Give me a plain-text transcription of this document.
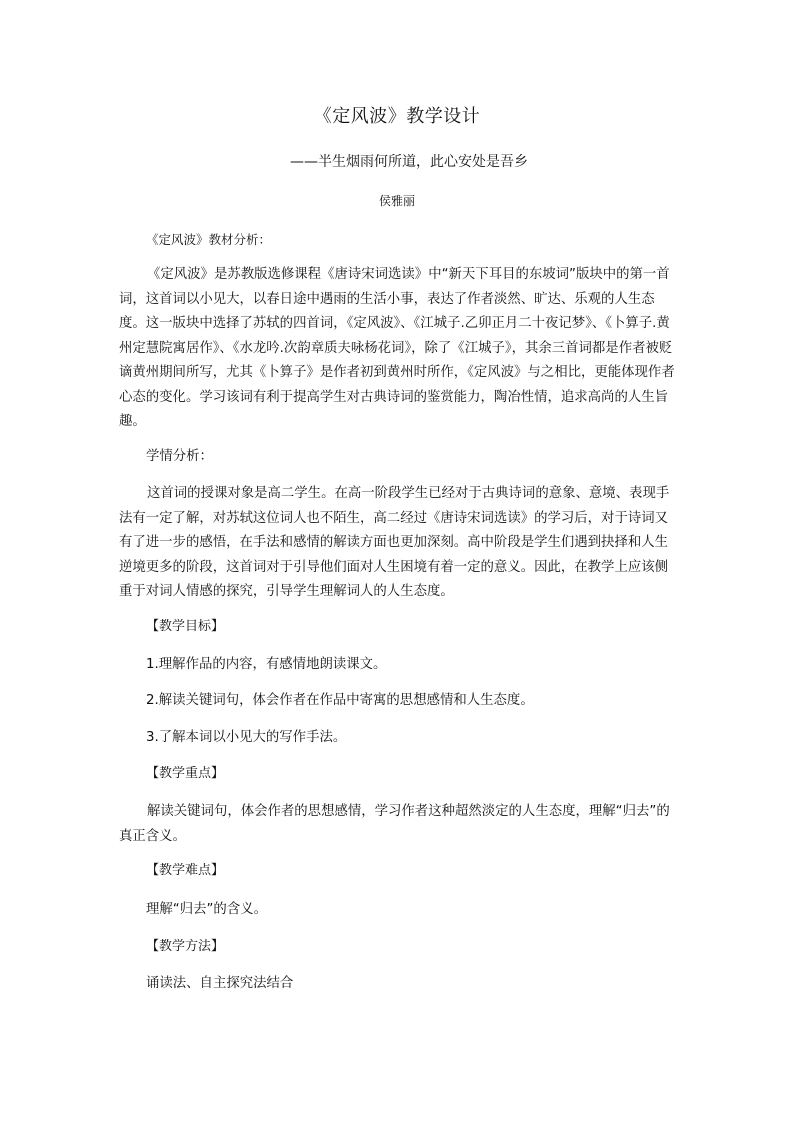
《定风波》教学设计
——半生烟雨何所道，此心安处是吾乡
侯雅丽

《定风波》教材分析：

《定风波》是苏教版选修课程《唐诗宋词选读》中“新天下耳目的东坡词”版块中的第一首词，这首词以小见大，以春日途中遇雨的生活小事，表达了作者淡然、旷达、乐观的人生态度。这一版块中选择了苏轼的四首词，《定风波》、《江城子.乙卯正月二十夜记梦》、《卜算子.黄州定慧院寓居作》、《水龙吟.次韵章质夫咏杨花词》，除了《江城子》，其余三首词都是作者被贬谪黄州期间所写，尤其《卜算子》是作者初到黄州时所作，《定风波》与之相比，更能体现作者心态的变化。学习该词有利于提高学生对古典诗词的鉴赏能力，陶冶性情，追求高尚的人生旨趣。

学情分析：

这首词的授课对象是高二学生。在高一阶段学生已经对于古典诗词的意象、意境、表现手法有一定了解，对苏轼这位词人也不陌生，高二经过《唐诗宋词选读》的学习后，对于诗词又有了进一步的感悟，在手法和感情的解读方面也更加深刻。高中阶段是学生们遇到抉择和人生逆境更多的阶段，这首词对于引导他们面对人生困境有着一定的意义。因此，在教学上应该侧重于对词人情感的探究，引导学生理解词人的人生态度。

【教学目标】

1.理解作品的内容，有感情地朗读课文。

2.解读关键词句，体会作者在作品中寄寓的思想感情和人生态度。

3.了解本词以小见大的写作手法。

【教学重点】

解读关键词句，体会作者的思想感情，学习作者这种超然淡定的人生态度，理解“归去”的真正含义。

【教学难点】

理解“归去”的含义。

【教学方法】

诵读法、自主探究法结合
